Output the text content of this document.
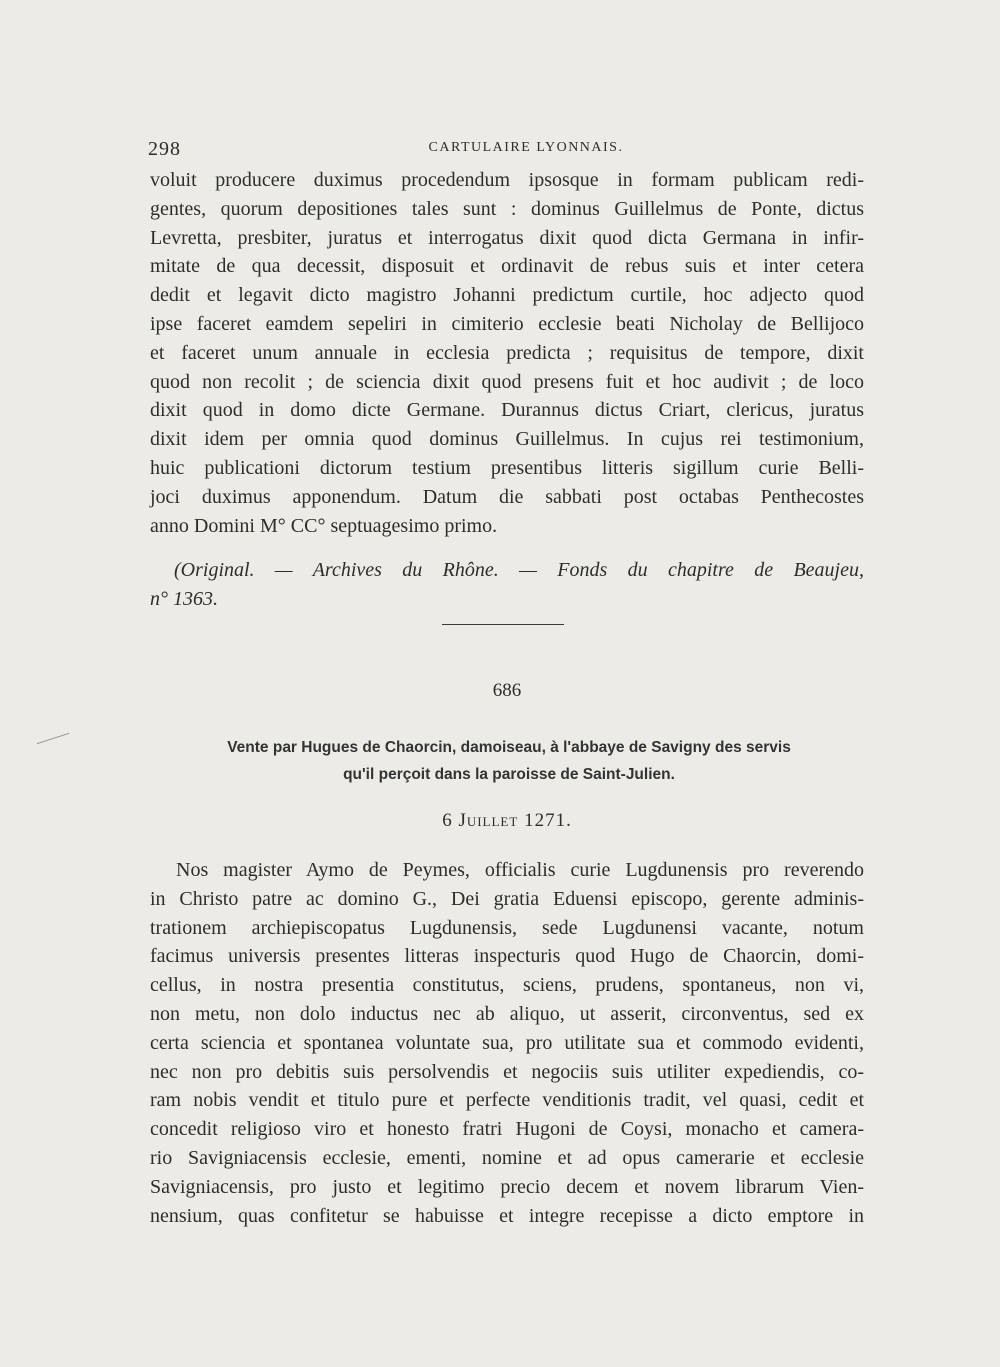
298	CARTULAIRE LYONNAIS.
voluit producere duximus procedendum ipsosque in formam publicam redi-
gentes, quorum depositiones tales sunt : dominus Guillelmus de Ponte, dictus
Levretta, presbiter, juratus et interrogatus dixit quod dicta Germana in infir-
mitate de qua decessit, disposuit et ordinavit de rebus suis et inter cetera
dedit et legavit dicto magistro Johanni predictum curtile, hoc adjecto quod
ipse faceret eamdem sepeliri in cimiterio ecclesie beati Nicholay de Bellijoco
et faceret unum annuale in ecclesia predicta ; requisitus de tempore, dixit
quod non recolit ; de sciencia dixit quod presens fuit et hoc audivit ; de loco
dixit quod in domo dicte Germane. Durannus dictus Criart, clericus, juratus
dixit idem per omnia quod dominus Guillelmus. In cujus rei testimonium,
huic publicationi dictorum testium presentibus litteris sigillum curie Belli-
joci duximus apponendum. Datum die sabbati post octabas Penthecostes
anno Domini M° CC° septuagesimo primo.
(Original. — Archives du Rhône. — Fonds du chapitre de Beaujeu,
n° 1363.
686
Vente par Hugues de Chaorcin, damoiseau, à l'abbaye de Savigny des servis
qu'il perçoit dans la paroisse de Saint-Julien.
6 Juillet 1271.
Nos magister Aymo de Peymes, officialis curie Lugdunensis pro reverendo
in Christo patre ac domino G., Dei gratia Eduensi episcopo, gerente adminis-
trationem archiepiscopatus Lugdunensis, sede Lugdunensi vacante, notum
facimus universis presentes litteras inspecturis quod Hugo de Chaorcin, domi-
cellus, in nostra presentia constitutus, sciens, prudens, spontaneus, non vi,
non metu, non dolo inductus nec ab aliquo, ut asserit, circonventus, sed ex
certa sciencia et spontanea voluntate sua, pro utilitate sua et commodo evidenti,
nec non pro debitis suis persolvendis et negociis suis utiliter expediendis, co-
ram nobis vendit et titulo pure et perfecte venditionis tradit, vel quasi, cedit et
concedit religioso viro et honesto fratri Hugoni de Coysi, monacho et camera-
rio Savigniacensis ecclesie, ementi, nomine et ad opus camerarie et ecclesie
Savigniacensis, pro justo et legitimo precio decem et novem librarum Vien-
nensium, quas confitetur se habuisse et integre recepisse a dicto emptore in
